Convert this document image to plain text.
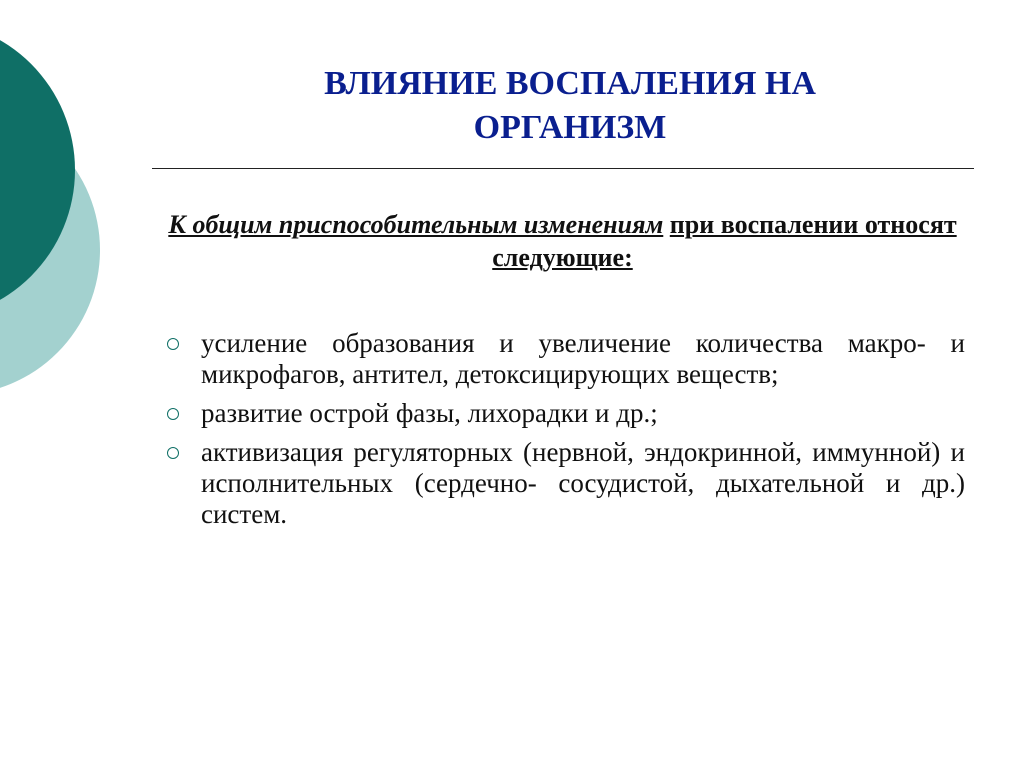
ВЛИЯНИЕ ВОСПАЛЕНИЯ НА
ОРГАНИЗМ
К общим приспособительным изменениям при воспалении относят следующие:
усиление образования и увеличение количества макро- и микрофагов, антител, детоксицирующих веществ;
развитие острой фазы, лихорадки и др.;
активизация регуляторных (нервной, эндокринной, иммунной) и исполнительных (сердечно- сосудистой, дыхательной и др.) систем.
